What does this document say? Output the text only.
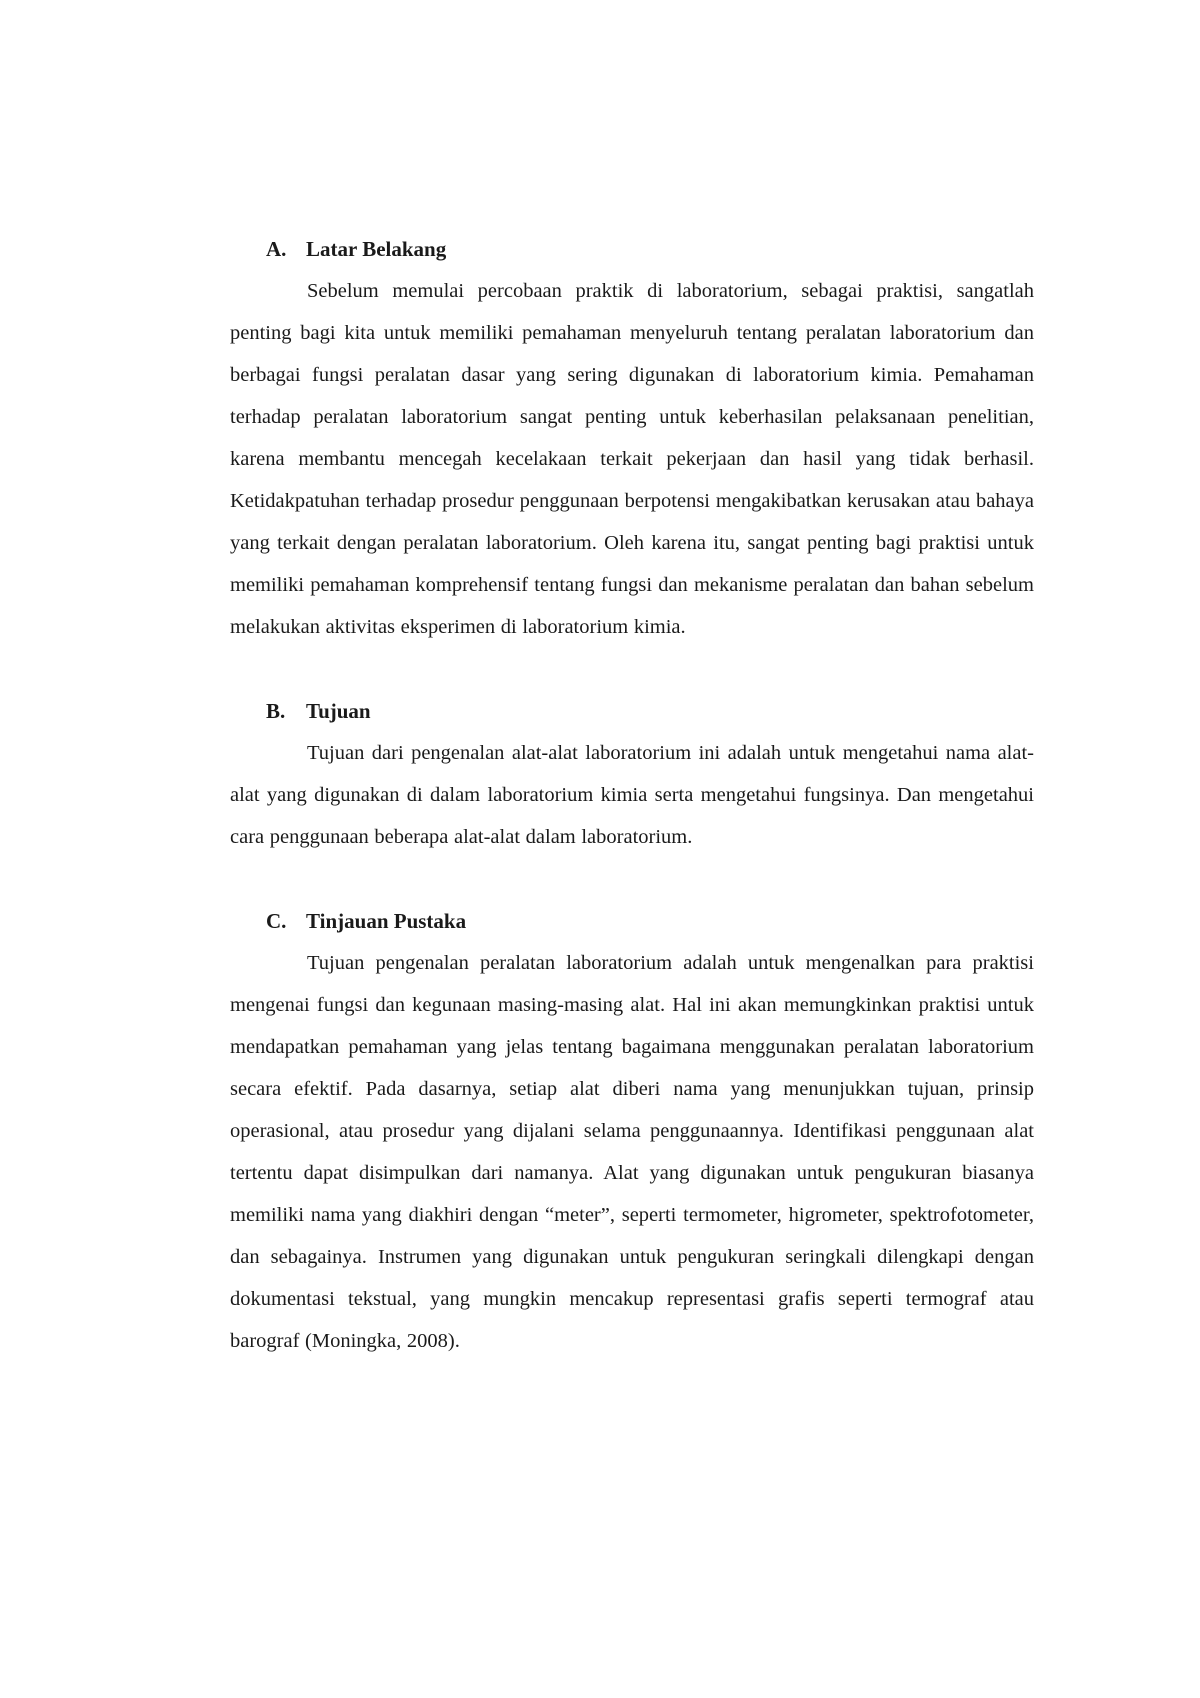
A. Latar Belakang

Sebelum memulai percobaan praktik di laboratorium, sebagai praktisi, sangatlah penting bagi kita untuk memiliki pemahaman menyeluruh tentang peralatan laboratorium dan berbagai fungsi peralatan dasar yang sering digunakan di laboratorium kimia. Pemahaman terhadap peralatan laboratorium sangat penting untuk keberhasilan pelaksanaan penelitian, karena membantu mencegah kecelakaan terkait pekerjaan dan hasil yang tidak berhasil. Ketidakpatuhan terhadap prosedur penggunaan berpotensi mengakibatkan kerusakan atau bahaya yang terkait dengan peralatan laboratorium. Oleh karena itu, sangat penting bagi praktisi untuk memiliki pemahaman komprehensif tentang fungsi dan mekanisme peralatan dan bahan sebelum melakukan aktivitas eksperimen di laboratorium kimia.

B. Tujuan

Tujuan dari pengenalan alat-alat laboratorium ini adalah untuk mengetahui nama alat-alat yang digunakan di dalam laboratorium kimia serta mengetahui fungsinya. Dan mengetahui cara penggunaan beberapa alat-alat dalam laboratorium.

C. Tinjauan Pustaka

Tujuan pengenalan peralatan laboratorium adalah untuk mengenalkan para praktisi mengenai fungsi dan kegunaan masing-masing alat. Hal ini akan memungkinkan praktisi untuk mendapatkan pemahaman yang jelas tentang bagaimana menggunakan peralatan laboratorium secara efektif. Pada dasarnya, setiap alat diberi nama yang menunjukkan tujuan, prinsip operasional, atau prosedur yang dijalani selama penggunaannya. Identifikasi penggunaan alat tertentu dapat disimpulkan dari namanya. Alat yang digunakan untuk pengukuran biasanya memiliki nama yang diakhiri dengan “meter”, seperti termometer, higrometer, spektrofotometer, dan sebagainya. Instrumen yang digunakan untuk pengukuran seringkali dilengkapi dengan dokumentasi tekstual, yang mungkin mencakup representasi grafis seperti termograf atau barograf (Moningka, 2008).
